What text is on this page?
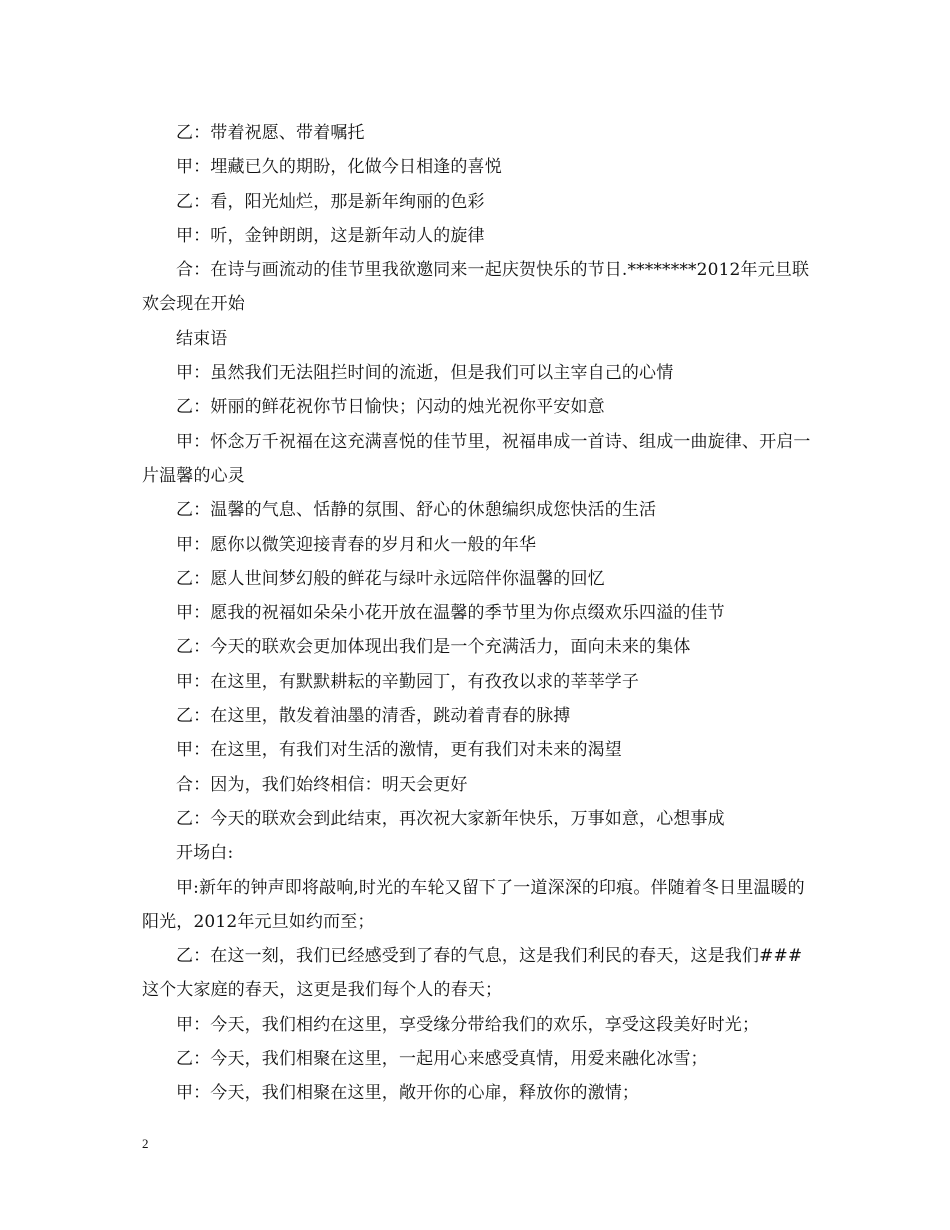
乙：带着祝愿、带着嘱托

甲：埋藏已久的期盼，化做今日相逢的喜悦

乙：看，阳光灿烂，那是新年绚丽的色彩

甲：听，金钟朗朗，这是新年动人的旋律

合：在诗与画流动的佳节里我欲邀同来一起庆贺快乐的节日.********2012年元旦联欢会现在开始

结束语

甲：虽然我们无法阻拦时间的流逝，但是我们可以主宰自己的心情

乙：妍丽的鲜花祝你节日愉快；闪动的烛光祝你平安如意

甲：怀念万千祝福在这充满喜悦的佳节里，祝福串成一首诗、组成一曲旋律、开启一片温馨的心灵

乙：温馨的气息、恬静的氛围、舒心的休憩编织成您快活的生活

甲：愿你以微笑迎接青春的岁月和火一般的年华

乙：愿人世间梦幻般的鲜花与绿叶永远陪伴你温馨的回忆

甲：愿我的祝福如朵朵小花开放在温馨的季节里为你点缀欢乐四溢的佳节

乙：今天的联欢会更加体现出我们是一个充满活力，面向未来的集体

甲：在这里，有默默耕耘的辛勤园丁，有孜孜以求的莘莘学子

乙：在这里，散发着油墨的清香，跳动着青春的脉搏

甲：在这里，有我们对生活的激情，更有我们对未来的渴望

合：因为，我们始终相信：明天会更好

乙：今天的联欢会到此结束，再次祝大家新年快乐，万事如意，心想事成

开场白:

甲:新年的钟声即将敲响,时光的车轮又留下了一道深深的印痕。伴随着冬日里温暖的阳光，2012年元旦如约而至；

乙：在这一刻，我们已经感受到了春的气息，这是我们利民的春天，这是我们###这个大家庭的春天，这更是我们每个人的春天；

甲：今天，我们相约在这里，享受缘分带给我们的欢乐，享受这段美好时光；

乙：今天，我们相聚在这里，一起用心来感受真情，用爱来融化冰雪；

甲：今天，我们相聚在这里，敞开你的心扉，释放你的激情；

2
